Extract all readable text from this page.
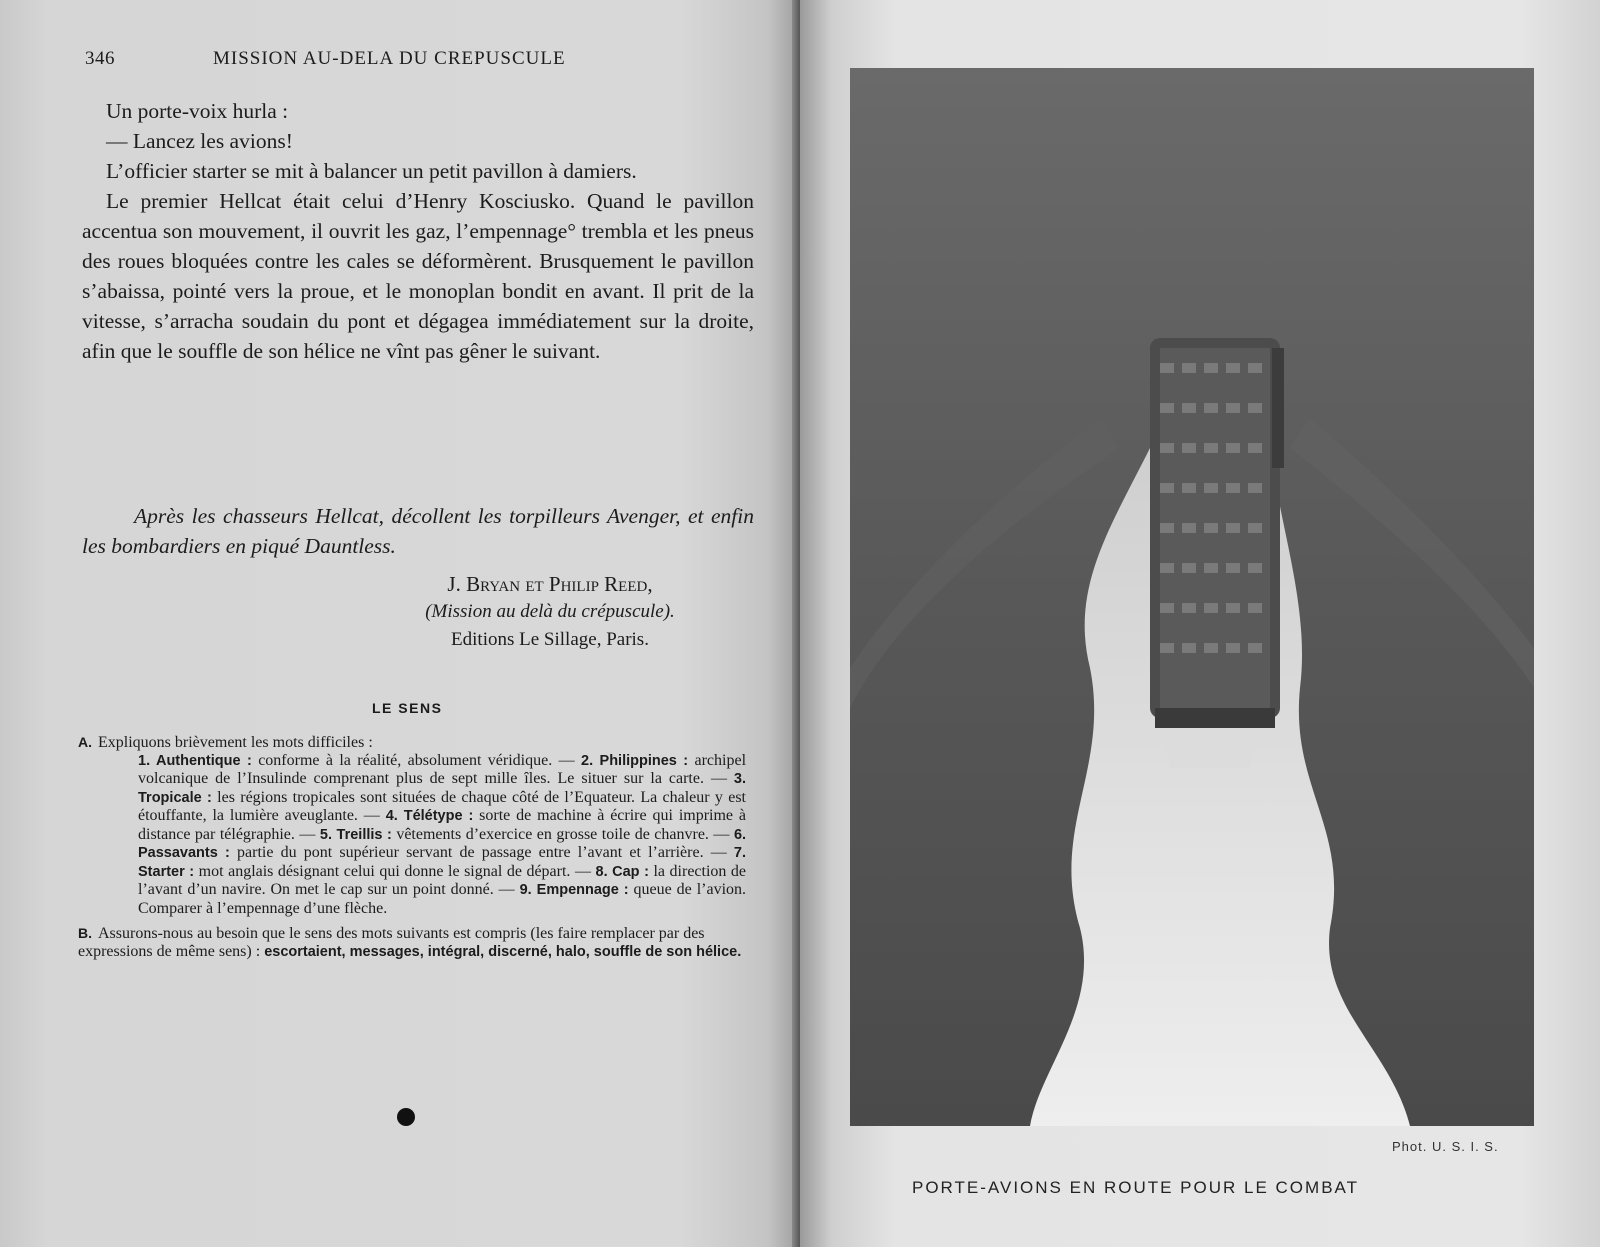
346	MISSION AU-DELA DU CREPUSCULE

Un porte-voix hurla :

— Lancez les avions!

L’officier starter se mit à balancer un petit pavillon à damiers.

Le premier Hellcat était celui d’Henry Kosciusko. Quand le pavillon accentua son mouvement, il ouvrit les gaz, l’empennage° trembla et les pneus des roues bloquées contre les cales se déformèrent. Brusquement le pavillon s’abaissa, pointé vers la proue, et le monoplan bondit en avant. Il prit de la vitesse, s’arracha soudain du pont et dégagea immédiatement sur la droite, afin que le souffle de son hélice ne vînt pas gêner le suivant.

Après les chasseurs Hellcat, décollent les torpilleurs Avenger, et enfin les bombardiers en piqué Dauntless.

J. Bryan et Philip Reed,
(Mission au delà du crépuscule).
Editions Le Sillage, Paris.
LE SENS
A. Expliquons brièvement les mots difficiles :
1. Authentique : conforme à la réalité, absolument véridique. — 2. Philippines : archipel volcanique de l’Insulinde comprenant plus de sept mille îles. Le situer sur la carte. — 3. Tropicale : les régions tropicales sont situées de chaque côté de l’Equateur. La chaleur y est étouffante, la lumière aveuglante. — 4. Télétype : sorte de machine à écrire qui imprime à distance par télégraphie. — 5. Treillis : vêtements d’exercice en grosse toile de chanvre. — 6. Passavants : partie du pont supérieur servant de passage entre l’avant et l’arrière. — 7. Starter : mot anglais désignant celui qui donne le signal de départ. — 8. Cap : la direction de l’avant d’un navire. On met le cap sur un point donné. — 9. Empennage : queue de l’avion. Comparer à l’empennage d’une flèche.
B. Assurons-nous au besoin que le sens des mots suivants est compris (les faire remplacer par des expressions de même sens) : escortaient, messages, intégral, discerné, halo, souffle de son hélice.
Phot. U. S. I. S.
PORTE-AVIONS EN ROUTE POUR LE COMBAT
